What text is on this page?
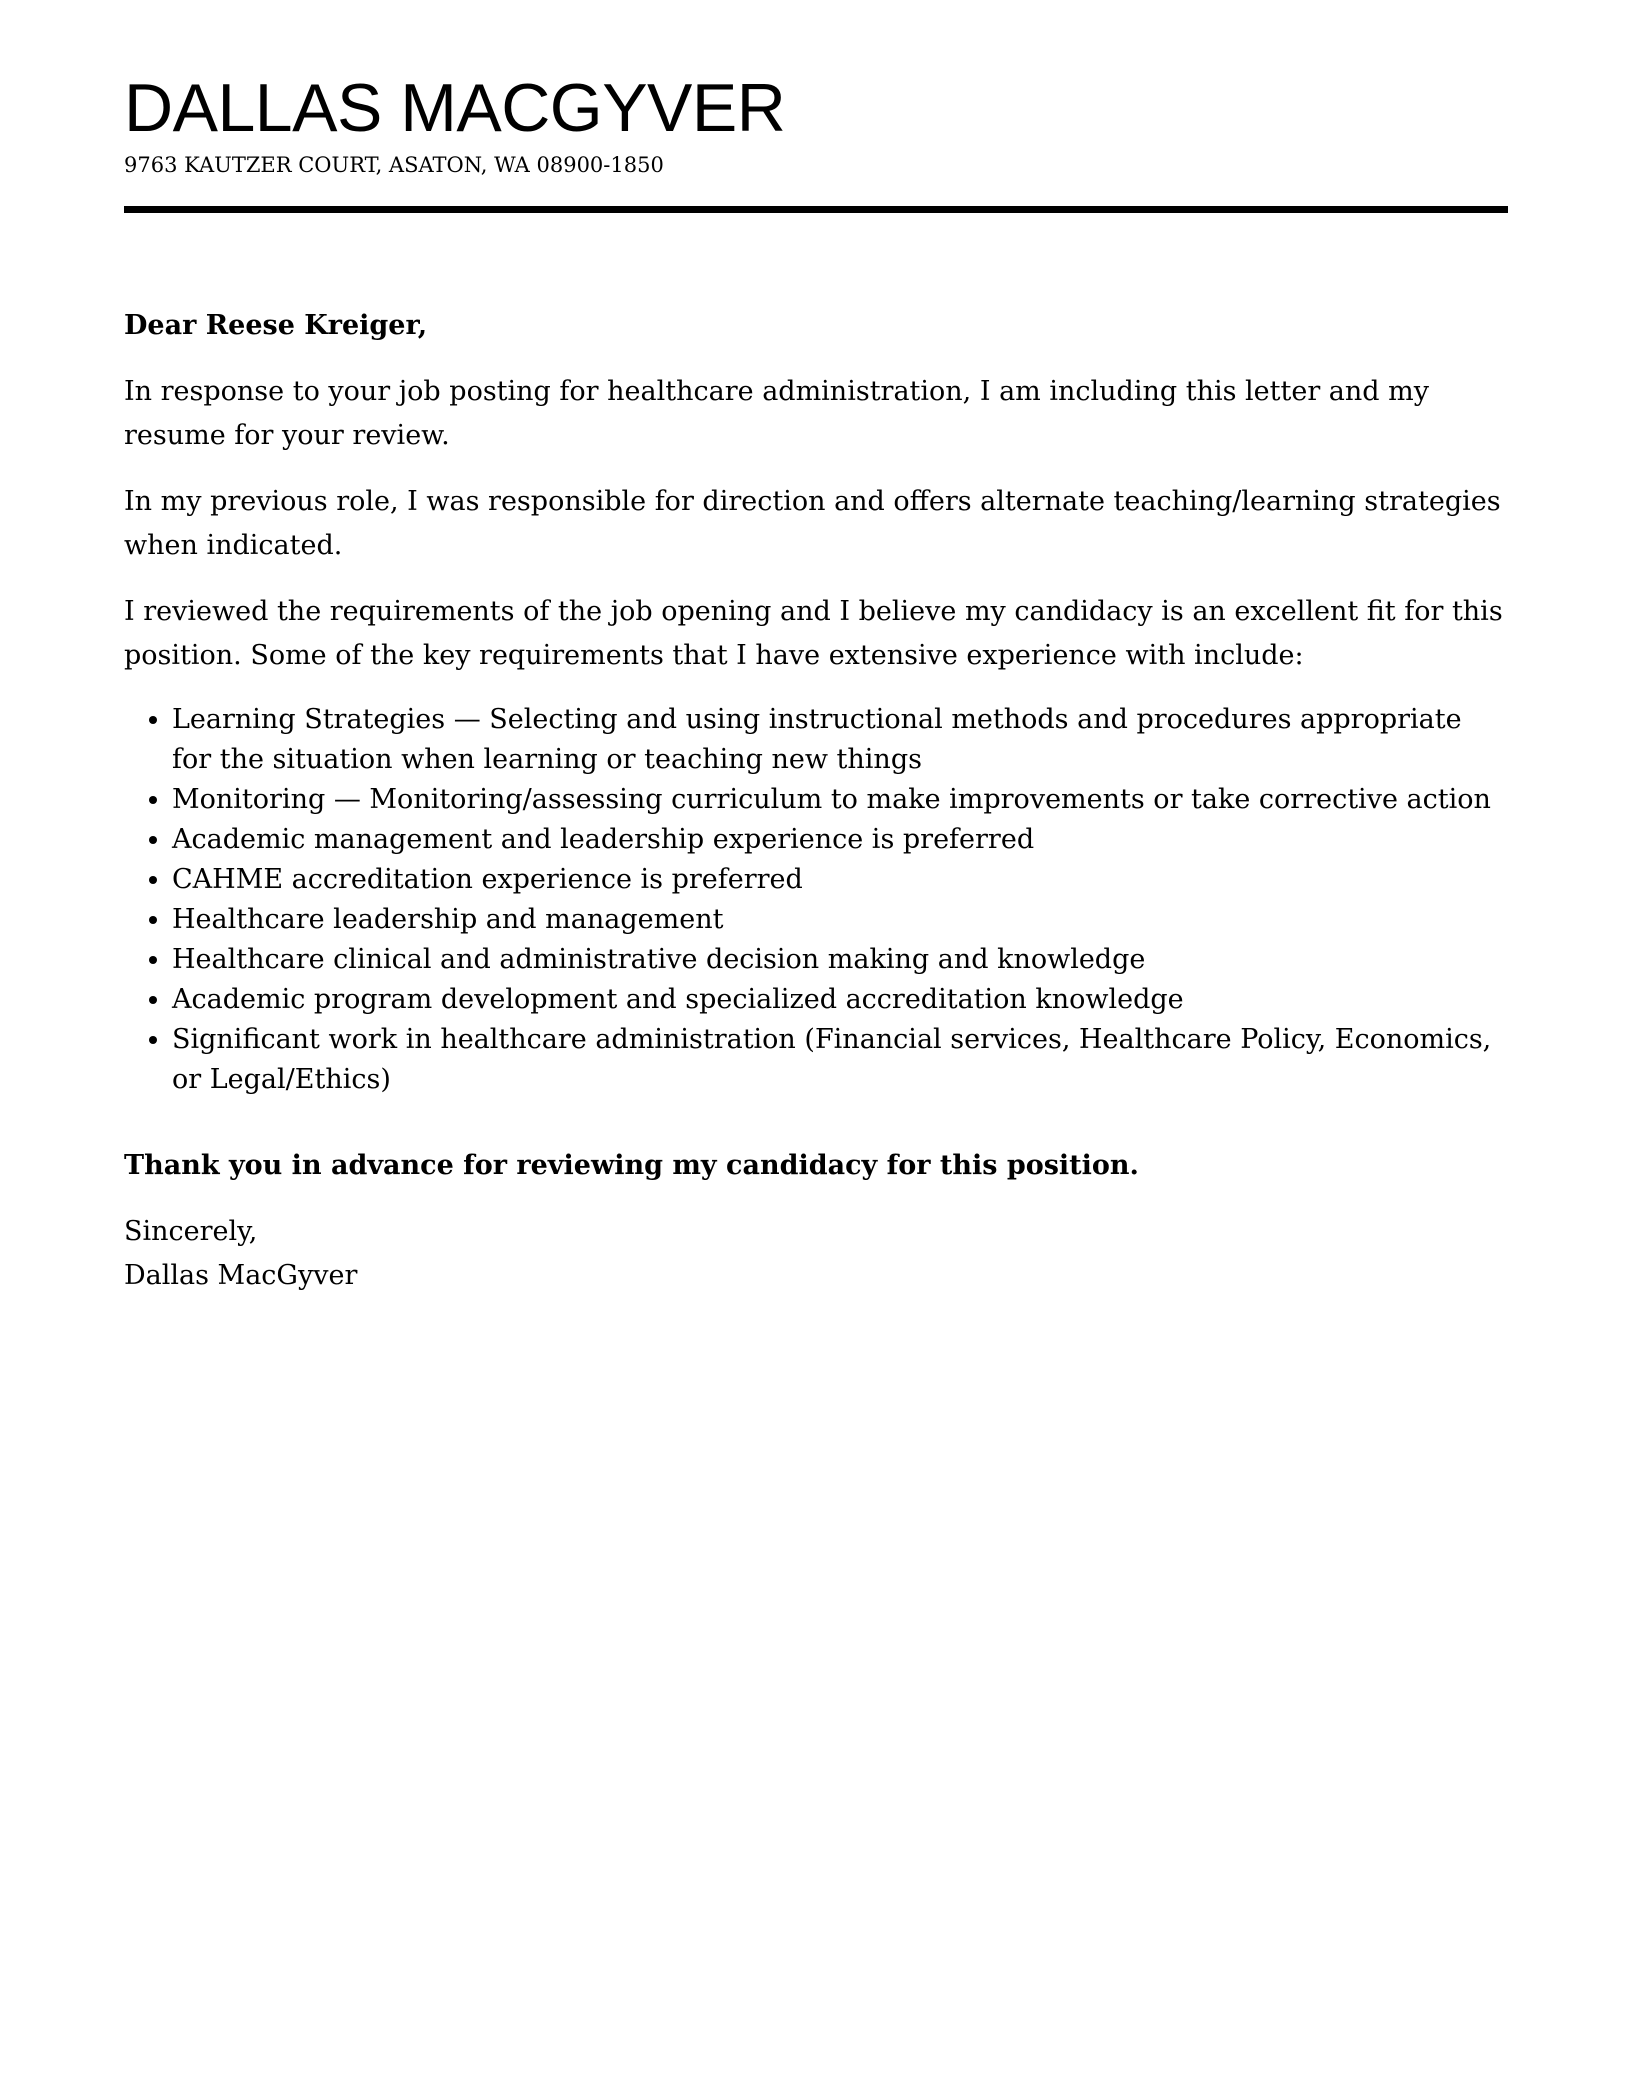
DALLAS MACGYVER
9763 KAUTZER COURT, ASATON, WA 08900-1850

Dear Reese Kreiger,

In response to your job posting for healthcare administration, I am including this letter and my resume for your review.

In my previous role, I was responsible for direction and offers alternate teaching/learning strategies when indicated.

I reviewed the requirements of the job opening and I believe my candidacy is an excellent fit for this position. Some of the key requirements that I have extensive experience with include:

• Learning Strategies — Selecting and using instructional methods and procedures appropriate for the situation when learning or teaching new things
• Monitoring — Monitoring/assessing curriculum to make improvements or take corrective action
• Academic management and leadership experience is preferred
• CAHME accreditation experience is preferred
• Healthcare leadership and management
• Healthcare clinical and administrative decision making and knowledge
• Academic program development and specialized accreditation knowledge
• Significant work in healthcare administration (Financial services, Healthcare Policy, Economics, or Legal/Ethics)

Thank you in advance for reviewing my candidacy for this position.

Sincerely,

Dallas MacGyver
